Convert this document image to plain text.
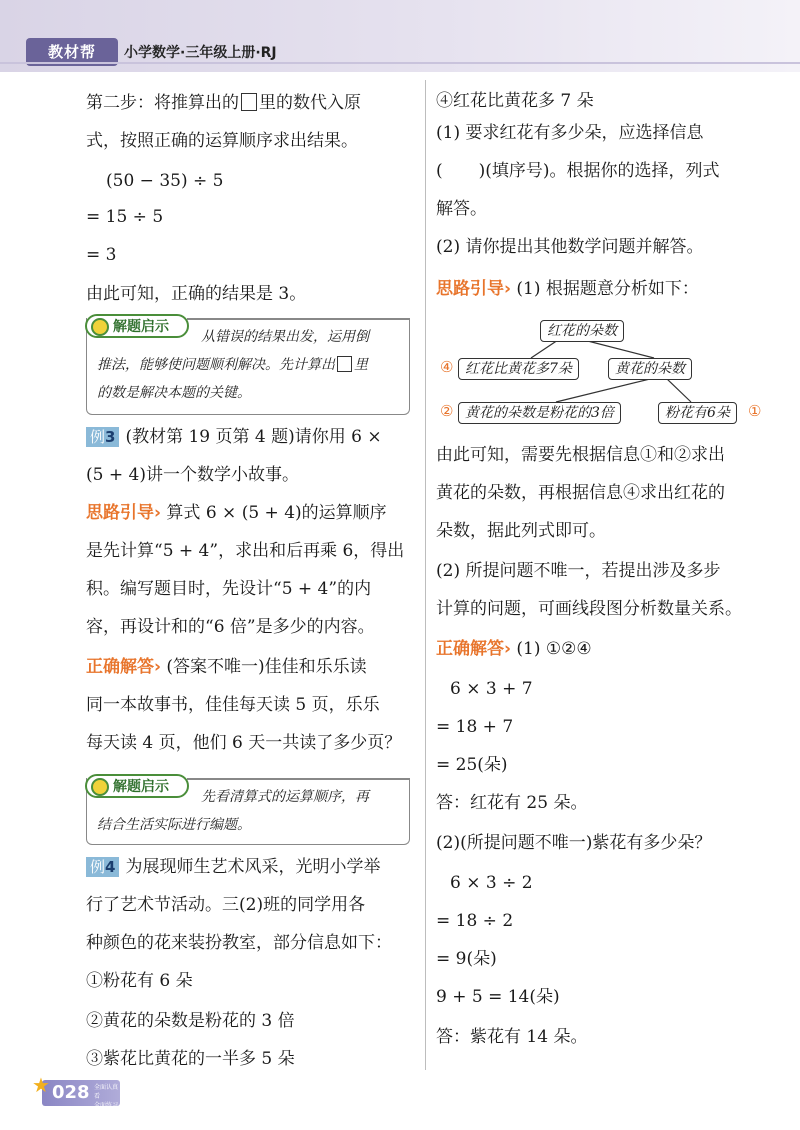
教材帮	小学数学·三年级上册·RJ
第二步：将推算出的 里的数代入原
式，按照正确的运算顺序求出结果。
(50 − 35) ÷ 5
= 15 ÷ 5
= 3
由此可知，正确的结果是 3。
解题启示
从错误的结果出发，运用倒
推法，能够使问题顺利解决。先计算出 里
的数是解决本题的关键。
例3 (教材第 19 页第 4 题)请你用 6 ×
(5 + 4)讲一个数学小故事。
思路引导› 算式 6 × (5 + 4)的运算顺序
是先计算“5 + 4”，求出和后再乘 6，得出
积。编写题目时，先设计“5 + 4”的内
容，再设计和的“6 倍”是多少的内容。
正确解答› (答案不唯一)佳佳和乐乐读
同一本故事书，佳佳每天读 5 页，乐乐
每天读 4 页，他们 6 天一共读了多少页？
解题启示
先看清算式的运算顺序，再
结合生活实际进行编题。
例4 为展现师生艺术风采，光明小学举
行了艺术节活动。三(2)班的同学用各
种颜色的花来装扮教室，部分信息如下：
①粉花有 6 朵
②黄花的朵数是粉花的 3 倍
③紫花比黄花的一半多 5 朵
④红花比黄花多 7 朵
(1) 要求红花有多少朵，应选择信息
( )(填序号)。根据你的选择，列式
解答。
(2) 请你提出其他数学问题并解答。
思路引导› (1) 根据题意分析如下：
红花的朵数
④ 红花比黄花多7朵	黄花的朵数
② 黄花的朵数是粉花的3倍	粉花有6朵	①
由此可知，需要先根据信息①和②求出
黄花的朵数，再根据信息④求出红花的
朵数，据此列式即可。
(2) 所提问题不唯一，若提出涉及多步
计算的问题，可画线段图分析数量关系。
正确解答› (1) ①②④
6 × 3 + 7
= 18 + 7
= 25(朵)
答：红花有 25 朵。
(2)(所提问题不唯一)紫花有多少朵？
6 × 3 ÷ 2
= 18 ÷ 2
= 9(朵)
9 + 5 = 14(朵)
答：紫花有 14 朵。
★ 028 全面认真看
全面练习题
